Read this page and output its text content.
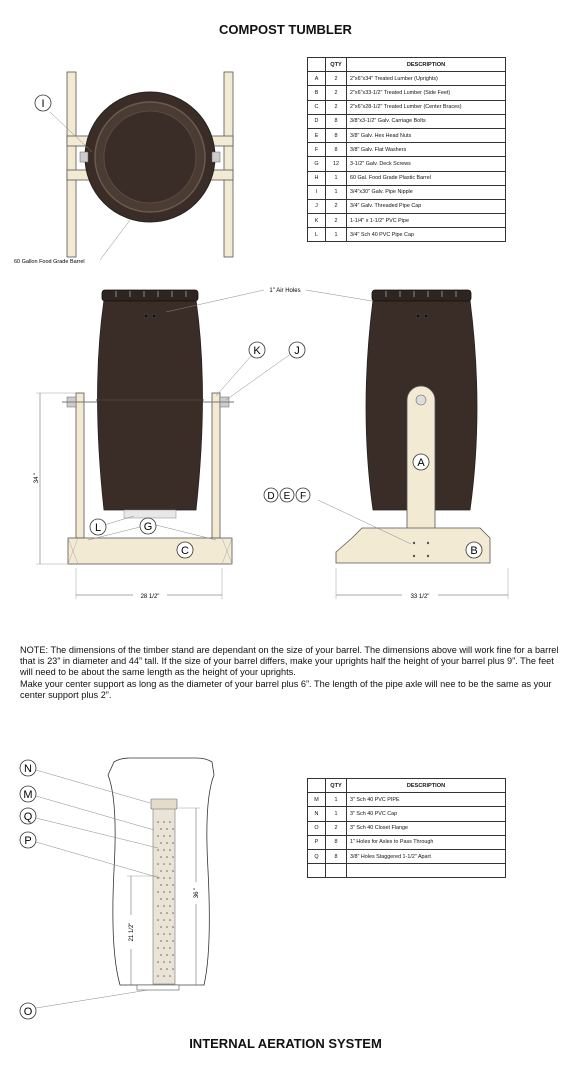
COMPOST TUMBLER
	QTY	DESCRIPTION
A	2	2"x6"x34" Treated Lumber (Uprights)
B	2	2"x6"x33-1/2" Treated Lumber (Side Feet)
C	2	2"x6"x28-1/2" Treated Lumber (Center Braces)
D	8	3/8"x3-1/2" Galv. Carriage Bolts
E	8	3/8" Galv. Hex Head Nuts
F	8	3/8" Galv. Flat Washers
G	12	3-1/2" Galv. Deck Screws
H	1	60 Gal. Food Grade Plastic Barrel
I	1	3/4"x30" Galv. Pipe Nipple
J	2	3/4" Galv. Threaded Pipe Cap
K	2	1-1/4" x 1-1/2" PVC Pipe
L	1	3/4" Sch 40 PVC Pipe Cap
I
60 Gallon Food Grade Barrel
34 "
28 1/2"
K	J
L	G
C
1" Air Holes
A
B
D E F
33 1/2"
21 1/2"
36 "
N
M
Q
P
O

NOTE: The dimensions of the timber stand are dependant on the size of your barrel. The dimensions above will work fine for a barrel that is 23” in diameter and 44” tall. If the size of your barrel differs, make your uprights half the height of your barrel plus 9”. The feet will need to be about the same length as the height of your uprights.

Make your center support as long as the diameter of your barrel plus 6”. The length of the pipe axle will nee to be the same as your center support plus 2”.

	QTY	DESCRIPTION
M	1	3" Sch 40 PVC PIPE
N	1	3" Sch 40 PVC Cap
O	2	3" Sch 40 Closet Flange
P	8	1" Holes for Axles to Pass Through
Q	8	3/8" Holes Staggered 1-1/2" Apart

INTERNAL AERATION SYSTEM
